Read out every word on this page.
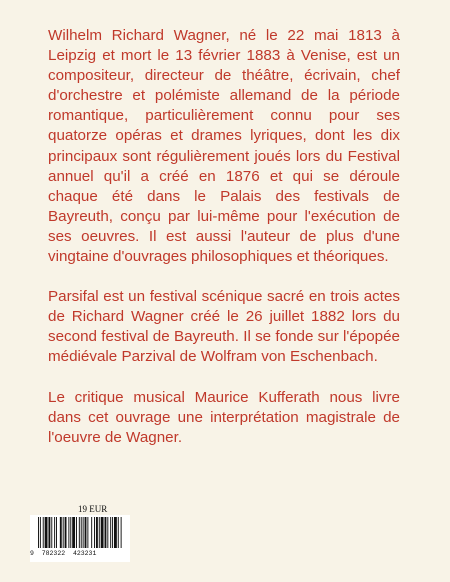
Wilhelm Richard Wagner, né le 22 mai 1813 à Leipzig et mort le 13 février 1883 à Venise, est un compositeur, directeur de théâtre, écrivain, chef d'orchestre et polémiste allemand de la période romantique, particulièrement connu pour ses quatorze opéras et drames lyriques, dont les dix principaux sont régulièrement joués lors du Festival annuel qu'il a créé en 1876 et qui se déroule chaque été dans le Palais des festivals de Bayreuth, conçu par lui-même pour l'exécution de ses oeuvres. Il est aussi l'auteur de plus d'une vingtaine d'ouvrages philosophiques et théoriques.

Parsifal est un festival scénique sacré en trois actes de Richard Wagner créé le 26 juillet 1882 lors du second festival de Bayreuth. Il se fonde sur l'épopée médiévale Parzival de Wolfram von Eschenbach.

Le critique musical Maurice Kufferath nous livre dans cet ouvrage une interprétation magistrale de l'oeuvre de Wagner.

19 EUR
9 782322 423231
